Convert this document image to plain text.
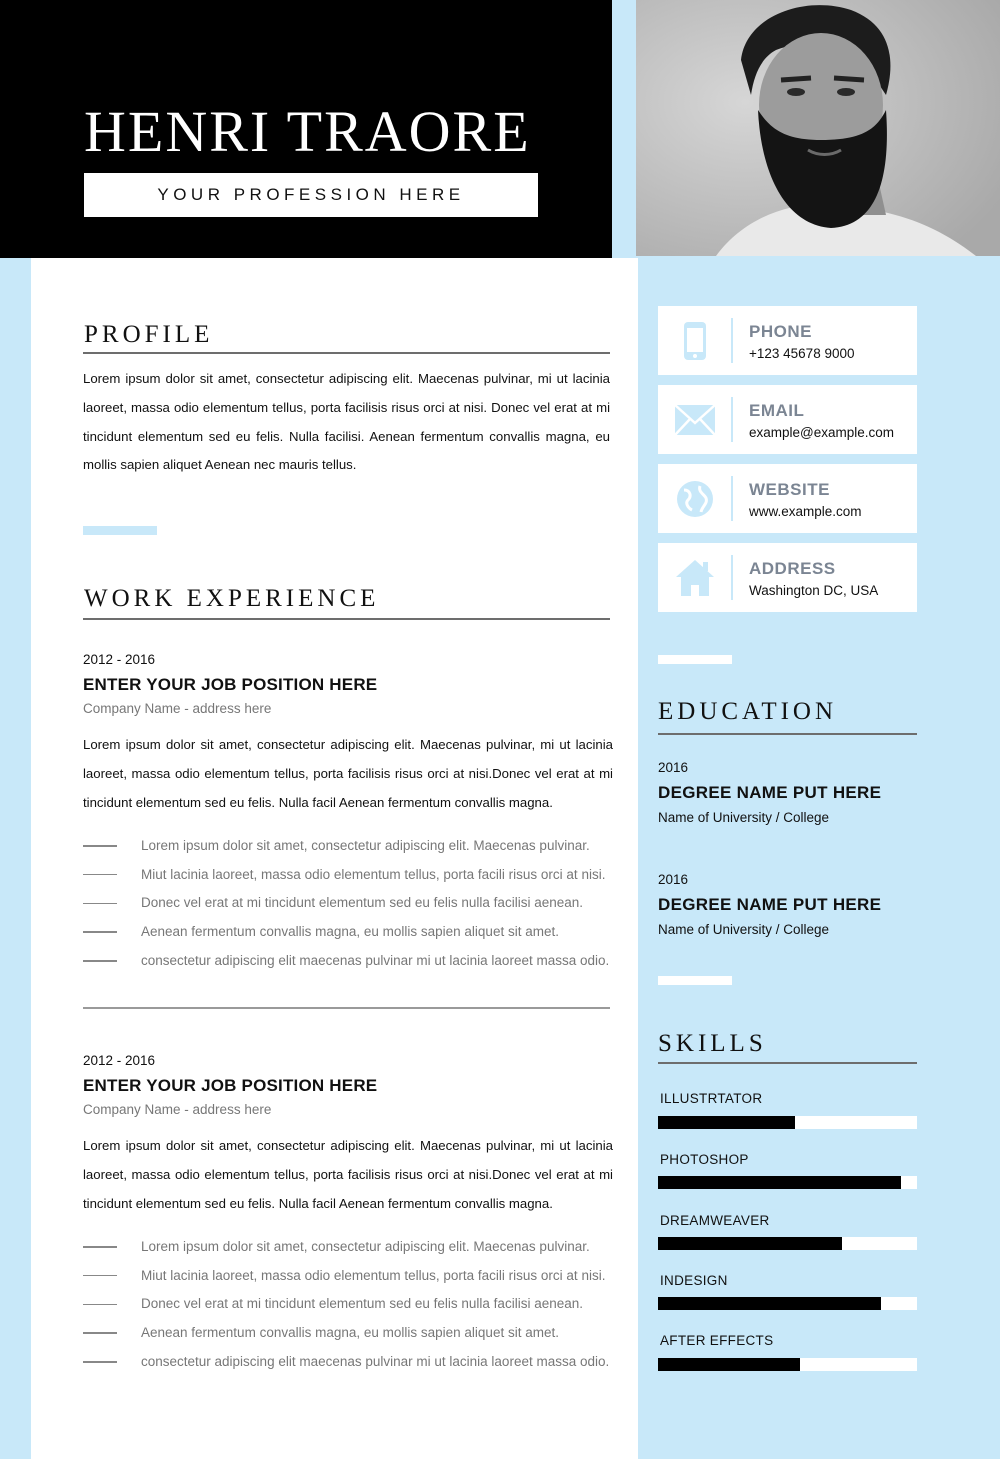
HENRI TRAORE
YOUR PROFESSION HERE
PROFILE
Lorem ipsum dolor sit amet, consectetur adipiscing elit. Maecenas pulvinar, mi ut lacinia laoreet, massa odio elementum tellus, porta facilisis risus orci at nisi. Donec vel erat at mi tincidunt elementum sed eu felis. Nulla facilisi. Aenean fermentum convallis magna, eu mollis sapien aliquet Aenean nec mauris tellus.
WORK EXPERIENCE
2012 - 2016
ENTER YOUR JOB POSITION HERE
Company Name - address here
Lorem ipsum dolor sit amet, consectetur adipiscing elit. Maecenas pulvinar, mi ut lacinia laoreet, massa odio elementum tellus, porta facilisis risus orci at nisi.Donec vel erat at mi tincidunt elementum sed eu felis. Nulla facil Aenean fermentum convallis magna.
Lorem ipsum dolor sit amet, consectetur adipiscing elit. Maecenas pulvinar.
Miut lacinia laoreet, massa odio elementum tellus, porta facili risus orci at nisi.
Donec vel erat at mi tincidunt elementum sed eu felis nulla facilisi aenean.
Aenean fermentum convallis magna, eu mollis sapien aliquet sit amet.
consectetur adipiscing elit maecenas pulvinar mi ut lacinia laoreet massa odio.
2012 - 2016
ENTER YOUR JOB POSITION HERE
Company Name - address here
Lorem ipsum dolor sit amet, consectetur adipiscing elit. Maecenas pulvinar, mi ut lacinia laoreet, massa odio elementum tellus, porta facilisis risus orci at nisi.Donec vel erat at mi tincidunt elementum sed eu felis. Nulla facil Aenean fermentum convallis magna.
Lorem ipsum dolor sit amet, consectetur adipiscing elit. Maecenas pulvinar.
Miut lacinia laoreet, massa odio elementum tellus, porta facili risus orci at nisi.
Donec vel erat at mi tincidunt elementum sed eu felis nulla facilisi aenean.
Aenean fermentum convallis magna, eu mollis sapien aliquet sit amet.
consectetur adipiscing elit maecenas pulvinar mi ut lacinia laoreet massa odio.
PHONE
+123 45678 9000
EMAIL
example@example.com
WEBSITE
www.example.com
ADDRESS
Washington DC, USA
EDUCATION
2016
DEGREE NAME PUT HERE
Name of University / College
2016
DEGREE NAME PUT HERE
Name of University / College
SKILLS
ILLUSTRTATOR
PHOTOSHOP
DREAMWEAVER
INDESIGN
AFTER EFFECTS
